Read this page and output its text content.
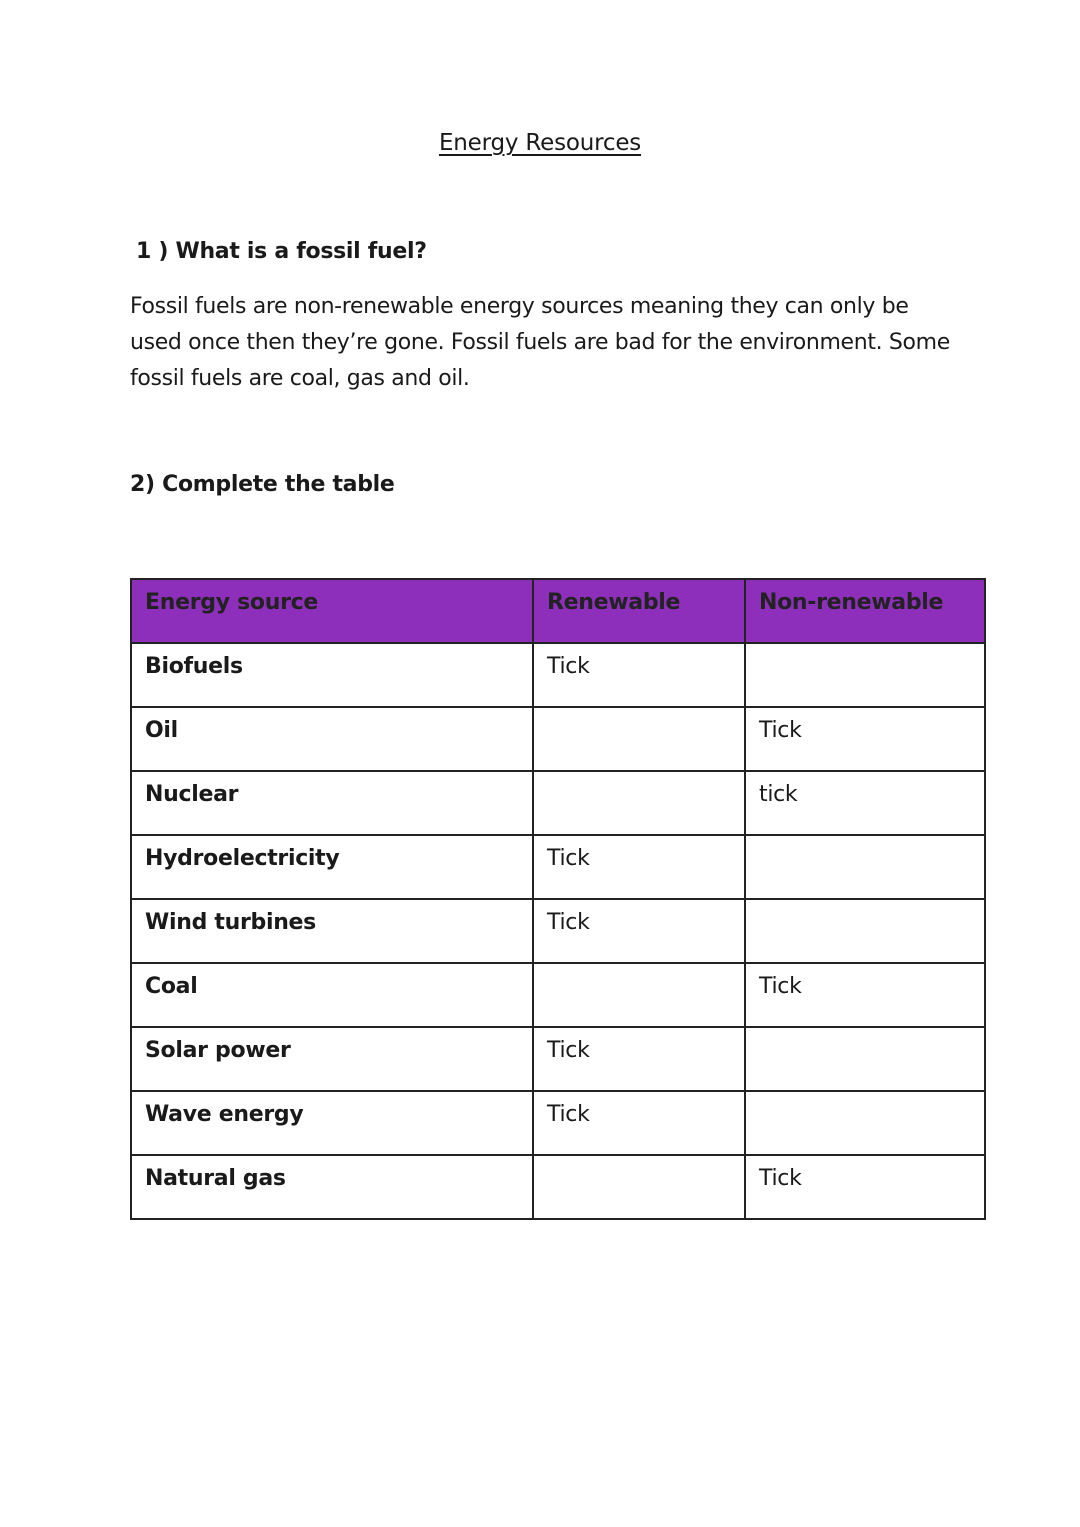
Energy Resources
1 ) What is a fossil fuel?

Fossil fuels are non-renewable energy sources meaning they can only be used once then they’re gone. Fossil fuels are bad for the environment. Some fossil fuels are coal, gas and oil.

2) Complete the table
Energy source	Renewable	Non-renewable
Biofuels	Tick	
Oil		Tick
Nuclear		tick
Hydroelectricity	Tick	
Wind turbines	Tick	
Coal		Tick
Solar power	Tick	
Wave energy	Tick	
Natural gas		Tick
